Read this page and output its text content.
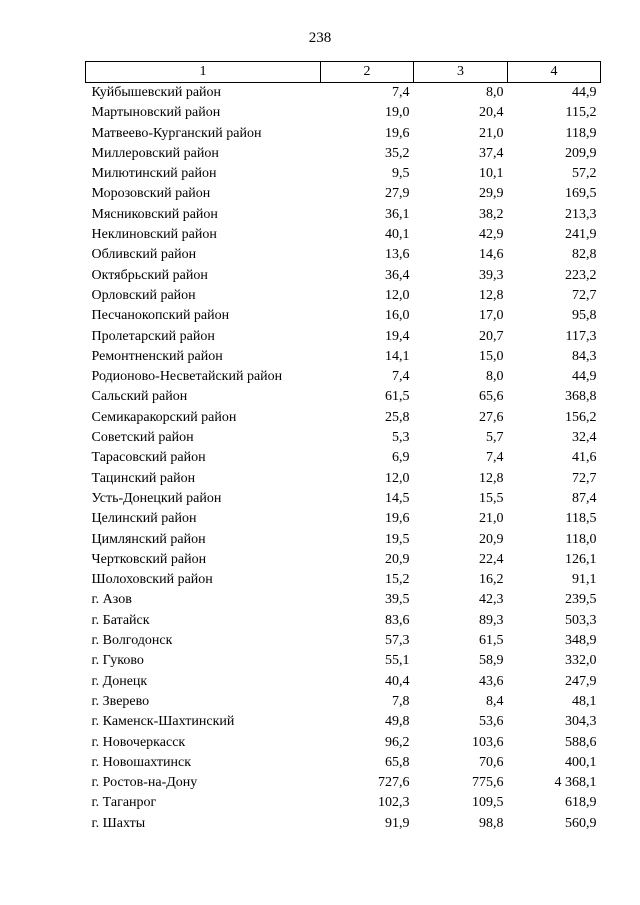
238
1	2	3	4
Куйбышевский район	7,4	8,0	44,9
Мартыновский район	19,0	20,4	115,2
Матвеево-Курганский район	19,6	21,0	118,9
Миллеровский район	35,2	37,4	209,9
Милютинский район	9,5	10,1	57,2
Морозовский район	27,9	29,9	169,5
Мясниковский район	36,1	38,2	213,3
Неклиновский район	40,1	42,9	241,9
Обливский район	13,6	14,6	82,8
Октябрьский район	36,4	39,3	223,2
Орловский район	12,0	12,8	72,7
Песчанокопский район	16,0	17,0	95,8
Пролетарский район	19,4	20,7	117,3
Ремонтненский район	14,1	15,0	84,3
Родионово-Несветайский район	7,4	8,0	44,9
Сальский район	61,5	65,6	368,8
Семикаракорский район	25,8	27,6	156,2
Советский район	5,3	5,7	32,4
Тарасовский район	6,9	7,4	41,6
Тацинский район	12,0	12,8	72,7
Усть-Донецкий район	14,5	15,5	87,4
Целинский район	19,6	21,0	118,5
Цимлянский район	19,5	20,9	118,0
Чертковский район	20,9	22,4	126,1
Шолоховский район	15,2	16,2	91,1
г. Азов	39,5	42,3	239,5
г. Батайск	83,6	89,3	503,3
г. Волгодонск	57,3	61,5	348,9
г. Гуково	55,1	58,9	332,0
г. Донецк	40,4	43,6	247,9
г. Зверево	7,8	8,4	48,1
г. Каменск-Шахтинский	49,8	53,6	304,3
г. Новочеркасск	96,2	103,6	588,6
г. Новошахтинск	65,8	70,6	400,1
г. Ростов-на-Дону	727,6	775,6	4 368,1
г. Таганрог	102,3	109,5	618,9
г. Шахты	91,9	98,8	560,9
